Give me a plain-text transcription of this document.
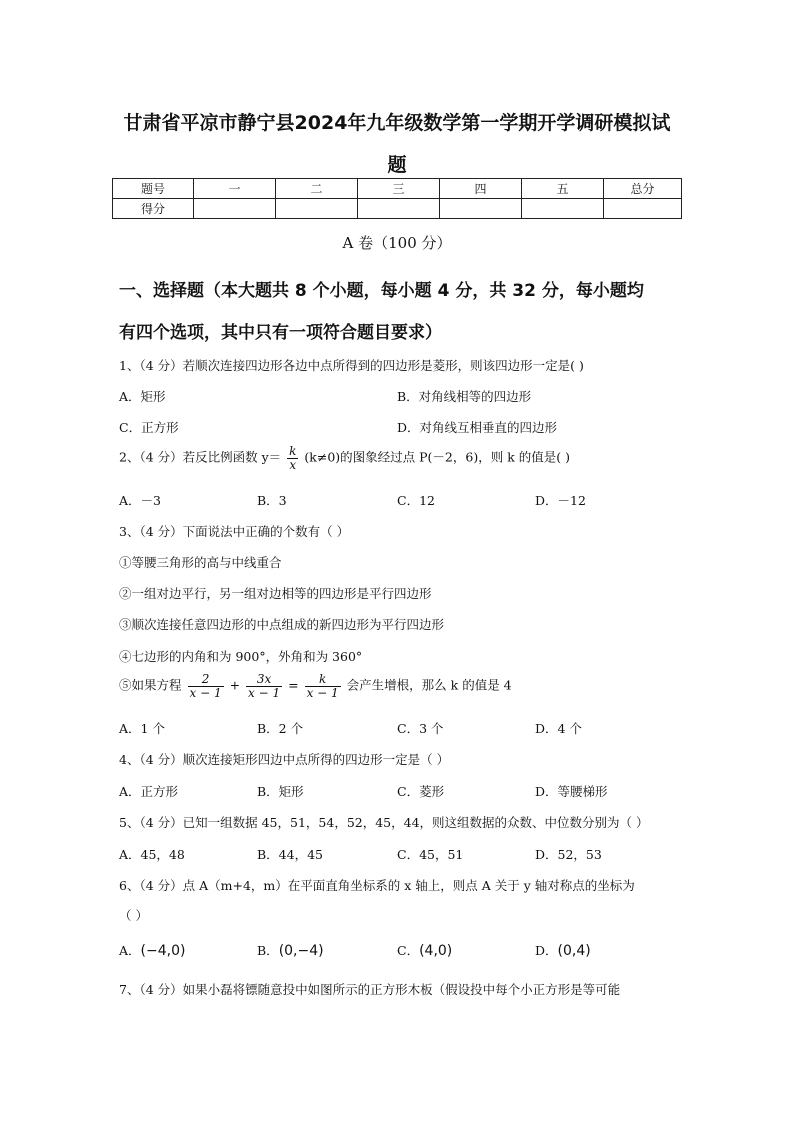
甘肃省平凉市静宁县2024年九年级数学第一学期开学调研模拟试
题
题号	一	二	三	四	五	总分
得分						
A 卷（100 分）
一、选择题（本大题共 8 个小题，每小题 4 分，共 32 分，每小题均
有四个选项，其中只有一项符合题目要求）
1、（4 分）若顺次连接四边形各边中点所得到的四边形是菱形，则该四边形一定是( )
A．矩形	B．对角线相等的四边形
C．正方形	D．对角线互相垂直的四边形
2、（4 分）若反比例函数 $y= \frac{k}{x} (k\ne 0)$的图象经过点 P(－2，6)，则 k 的值是( )
A．－3	B．3	C．12	D．－12
3、（4 分）下面说法中正确的个数有（ ）
①等腰三角形的高与中线重合
②一组对边平行，另一组对边相等的四边形是平行四边形
③顺次连接任意四边形的中点组成的新四边形为平行四边形
④七边形的内角和为 900°，外角和为 360°
⑤如果方程 $\frac{2}{x - 1} + \frac{3x}{x - 1} = \frac{k}{x - 1}$ 会产生增根，那么 k 的值是 4
A．1 个	B．2 个	C．3 个	D．4 个
4、（4 分）顺次连接矩形四边中点所得的四边形一定是（ ）
A．正方形	B．矩形	C．菱形	D．等腰梯形
5、（4 分）已知一组数据 45，51，54，52，45，44，则这组数据的众数、中位数分别为（ ）
A．45，48	B．44，45	C．45，51	D．52，53
6、（4 分）点 A（m+4，m）在平面直角坐标系的 x 轴上，则点 A 关于 y 轴对称点的坐标为
（ ）
A．(−4,0)	B．(0,−4)	C．(4,0)	D．(0,4)
7、（4 分）如果小磊将镖随意投中如图所示的正方形木板（假设投中每个小正方形是等可能
